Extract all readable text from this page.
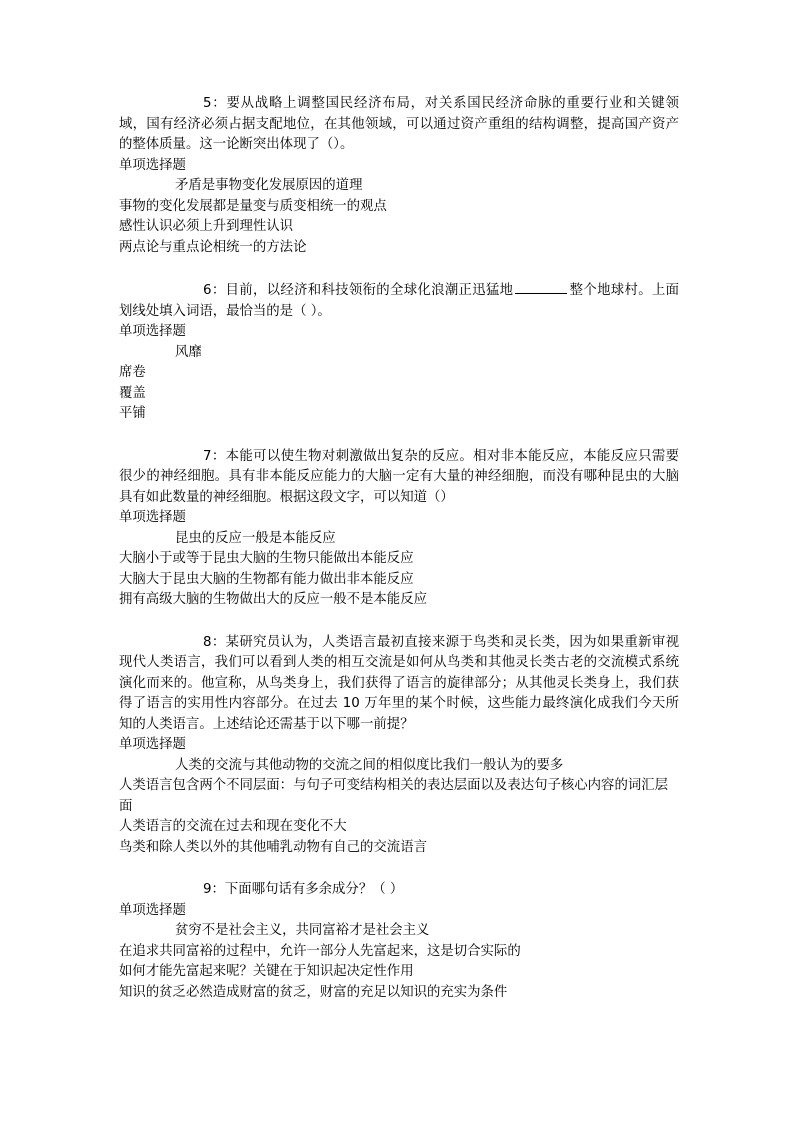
5：要从战略上调整国民经济布局，对关系国民经济命脉的重要行业和关键领域，国有经济必须占据支配地位，在其他领域，可以通过资产重组的结构调整，提高国产资产的整体质量。这一论断突出体现了（）。

单项选择题

矛盾是事物变化发展原因的道理

事物的变化发展都是量变与质变相统一的观点

感性认识必须上升到理性认识

两点论与重点论相统一的方法论

6：目前，以经济和科技领衔的全球化浪潮正迅猛地	整个地球村。上面划线处填入词语，最恰当的是（ ）。

单项选择题

风靡

席卷

覆盖

平铺

7：本能可以使生物对刺激做出复杂的反应。相对非本能反应，本能反应只需要很少的神经细胞。具有非本能反应能力的大脑一定有大量的神经细胞，而没有哪种昆虫的大脑具有如此数量的神经细胞。根据这段文字，可以知道（）

单项选择题

昆虫的反应一般是本能反应

大脑小于或等于昆虫大脑的生物只能做出本能反应

大脑大于昆虫大脑的生物都有能力做出非本能反应

拥有高级大脑的生物做出大的反应一般不是本能反应

8：某研究员认为，人类语言最初直接来源于鸟类和灵长类，因为如果重新审视现代人类语言，我们可以看到人类的相互交流是如何从鸟类和其他灵长类古老的交流模式系统演化而来的。他宣称，从鸟类身上，我们获得了语言的旋律部分；从其他灵长类身上，我们获得了语言的实用性内容部分。在过去 10 万年里的某个时候，这些能力最终演化成我们今天所知的人类语言。上述结论还需基于以下哪一前提？

单项选择题

人类的交流与其他动物的交流之间的相似度比我们一般认为的要多

人类语言包含两个不同层面：与句子可变结构相关的表达层面以及表达句子核心内容的词汇层面

人类语言的交流在过去和现在变化不大

鸟类和除人类以外的其他哺乳动物有自己的交流语言

9：下面哪句话有多余成分？（ ）

单项选择题

贫穷不是社会主义，共同富裕才是社会主义

在追求共同富裕的过程中，允许一部分人先富起来，这是切合实际的

如何才能先富起来呢？关键在于知识起决定性作用

知识的贫乏必然造成财富的贫乏，财富的充足以知识的充实为条件
